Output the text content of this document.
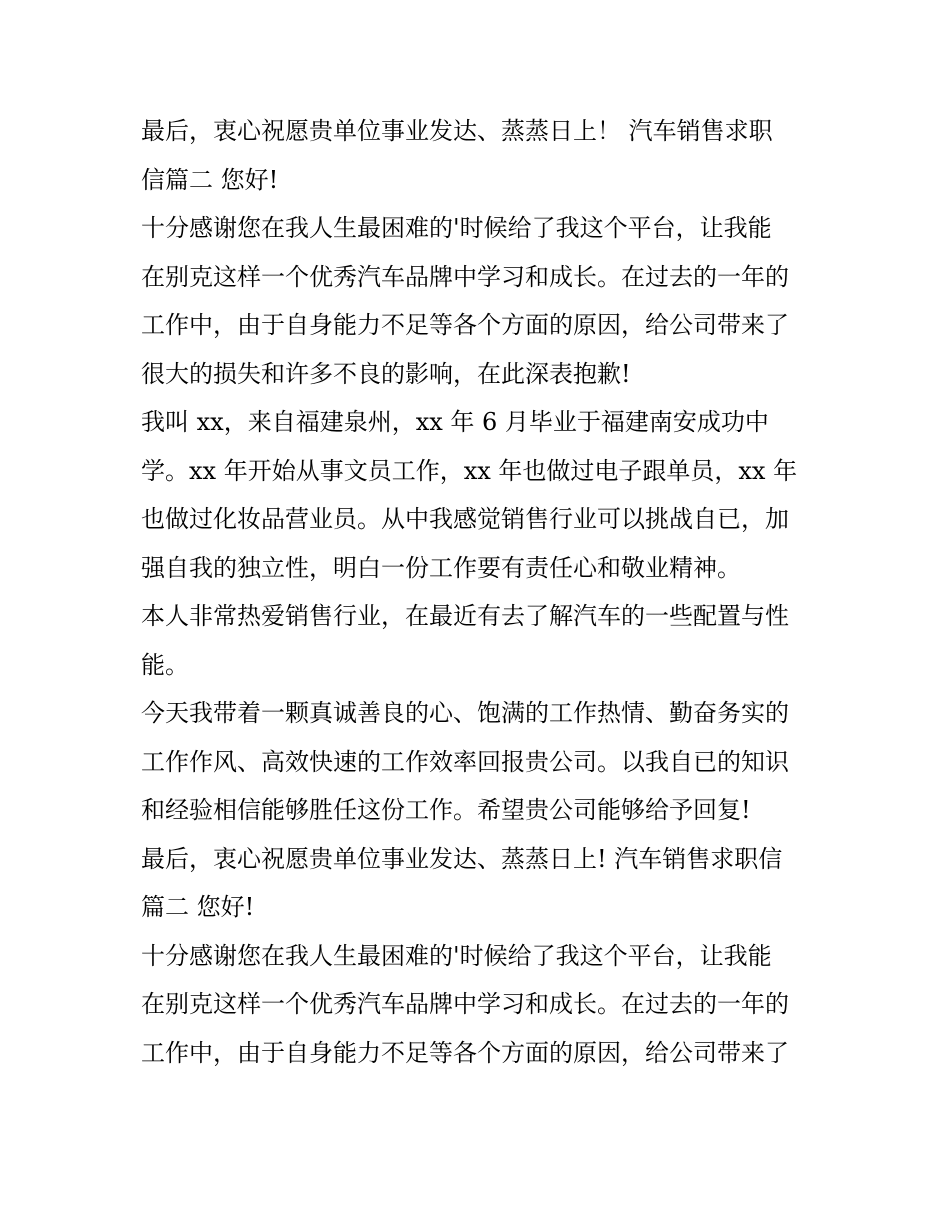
最后，衷心祝愿贵单位事业发达、蒸蒸日上！ 汽车销售求职
信篇二 您好!
十分感谢您在我人生最困难的'时候给了我这个平台，让我能
在别克这样一个优秀汽车品牌中学习和成长。在过去的一年的
工作中，由于自身能力不足等各个方面的原因，给公司带来了
很大的损失和许多不良的影响，在此深表抱歉!
我叫 xx，来自福建泉州，xx 年 6 月毕业于福建南安成功中
学。xx 年开始从事文员工作，xx 年也做过电子跟单员，xx 年
也做过化妆品营业员。从中我感觉销售行业可以挑战自已，加
强自我的独立性，明白一份工作要有责任心和敬业精神。
本人非常热爱销售行业，在最近有去了解汽车的一些配置与性
能。
今天我带着一颗真诚善良的心、饱满的工作热情、勤奋务实的
工作作风、高效快速的工作效率回报贵公司。以我自已的知识
和经验相信能够胜任这份工作。希望贵公司能够给予回复!
最后，衷心祝愿贵单位事业发达、蒸蒸日上! 汽车销售求职信
篇二 您好!
十分感谢您在我人生最困难的'时候给了我这个平台，让我能
在别克这样一个优秀汽车品牌中学习和成长。在过去的一年的
工作中，由于自身能力不足等各个方面的原因，给公司带来了
